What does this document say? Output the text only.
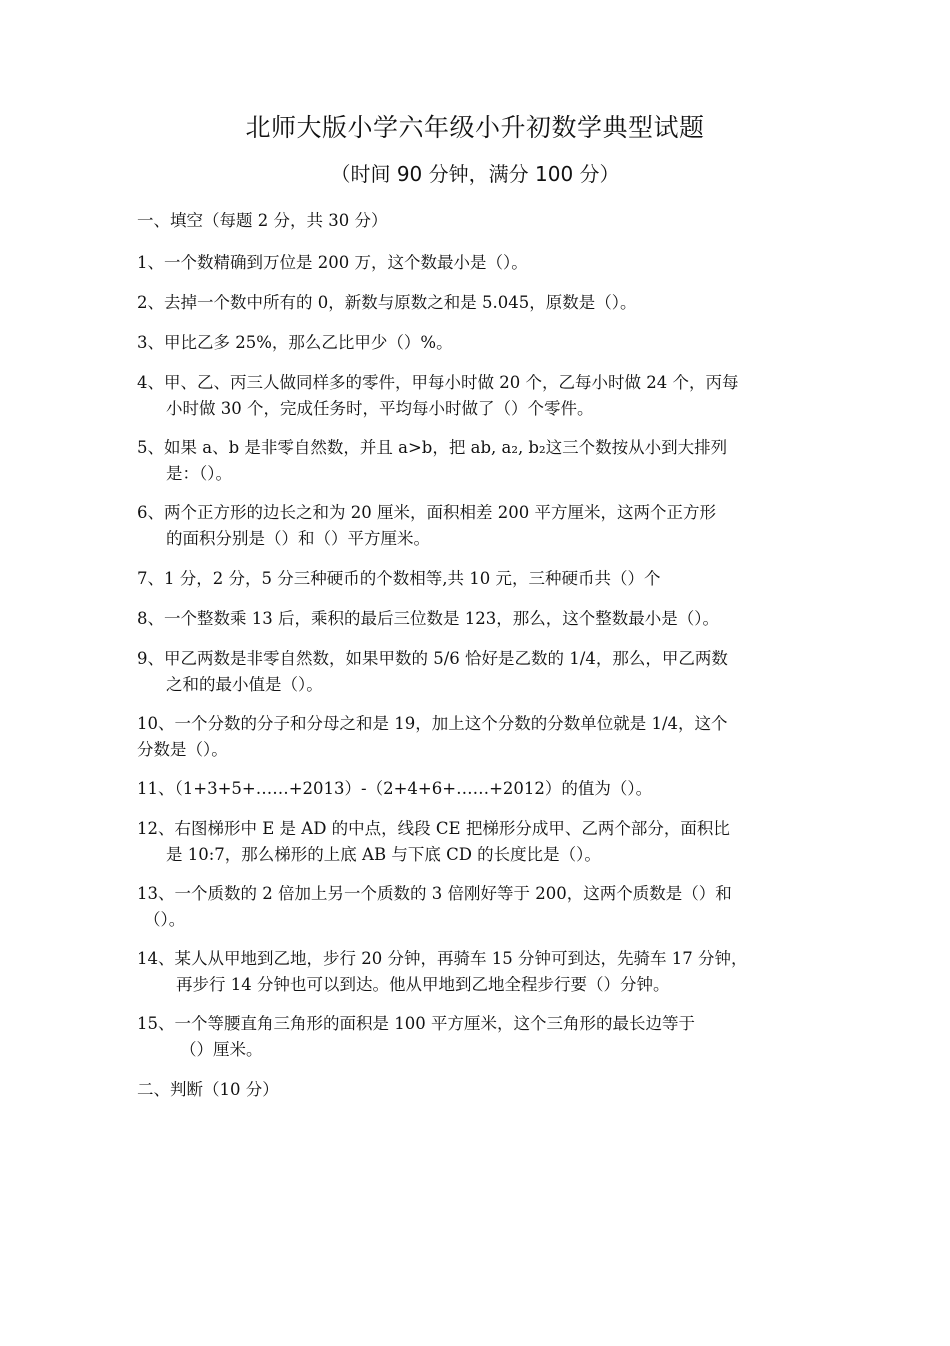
北师大版小学六年级小升初数学典型试题
（时间 90 分钟，满分 100 分）
一、填空（每题 2 分，共 30 分）
1、一个数精确到万位是 200 万，这个数最小是（）。
2、去掉一个数中所有的 0，新数与原数之和是 5.045，原数是（）。
3、甲比乙多 25%，那么乙比甲少（）%。
4、甲、乙、丙三人做同样多的零件，甲每小时做 20 个，乙每小时做 24 个，丙每
小时做 30 个，完成任务时，平均每小时做了（）个零件。
5、如果 a、b 是非零自然数，并且 a>b，把 ab, a₂, b₂这三个数按从小到大排列
是：（）。
6、两个正方形的边长之和为 20 厘米，面积相差 200 平方厘米，这两个正方形
的面积分别是（）和（）平方厘米。
7、1 分，2 分，5 分三种硬币的个数相等,共 10 元，三种硬币共（）个
8、一个整数乘 13 后，乘积的最后三位数是 123，那么，这个整数最小是（）。
9、甲乙两数是非零自然数，如果甲数的 5/6 恰好是乙数的 1/4，那么，甲乙两数
之和的最小值是（）。
10、一个分数的分子和分母之和是 19，加上这个分数的分数单位就是 1/4，这个
分数是（）。
11、（1+3+5+……+2013）-（2+4+6+……+2012）的值为（）。
12、右图梯形中 E 是 AD 的中点，线段 CE 把梯形分成甲、乙两个部分，面积比
是 10:7，那么梯形的上底 AB 与下底 CD 的长度比是（）。
13、一个质数的 2 倍加上另一个质数的 3 倍刚好等于 200，这两个质数是（）和
（）。
14、某人从甲地到乙地，步行 20 分钟，再骑车 15 分钟可到达，先骑车 17 分钟，
再步行 14 分钟也可以到达。他从甲地到乙地全程步行要（）分钟。
15、一个等腰直角三角形的面积是 100 平方厘米，这个三角形的最长边等于
（）厘米。
二、判断（10 分）
